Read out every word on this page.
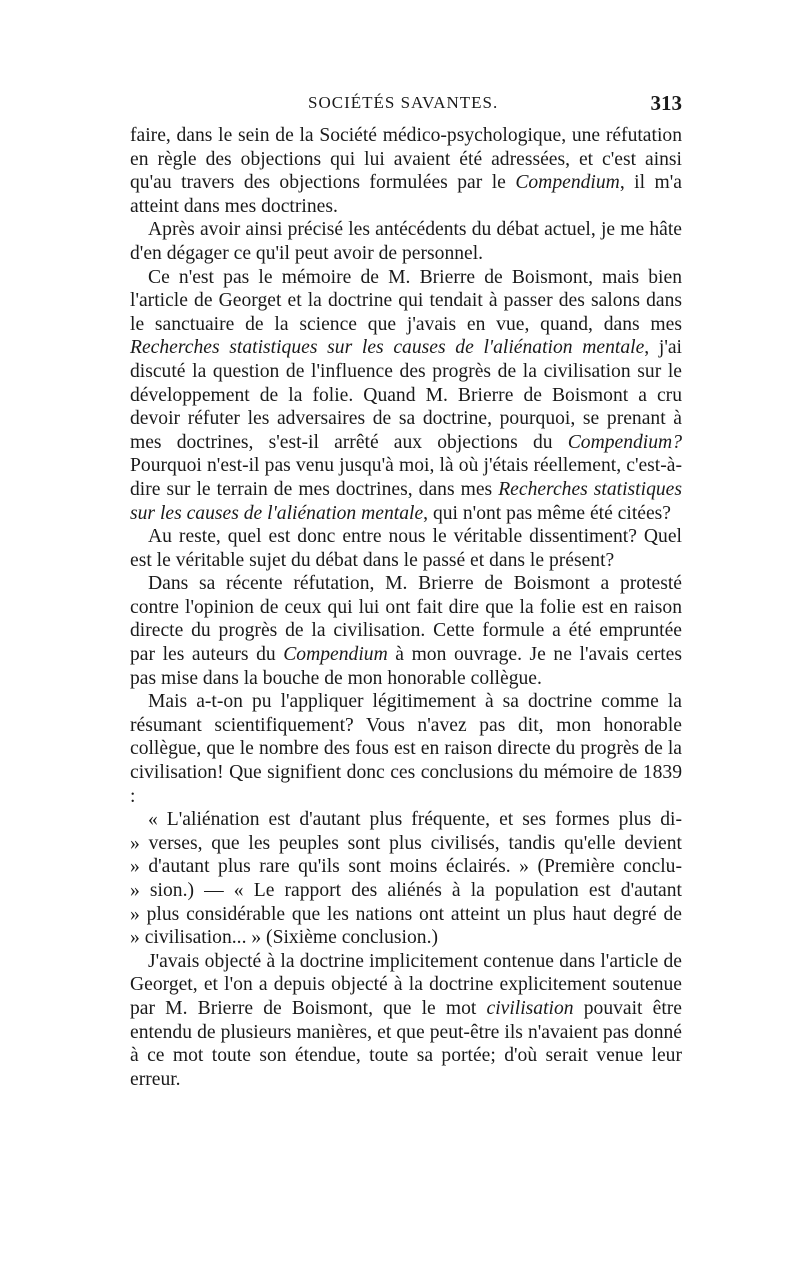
SOCIÉTÉS SAVANTES.	313

faire, dans le sein de la Société médico-psychologique, une réfutation en règle des objections qui lui avaient été adressées, et c'est ainsi qu'au travers des objections formulées par le Compendium, il m'a atteint dans mes doctrines.

Après avoir ainsi précisé les antécédents du débat actuel, je me hâte d'en dégager ce qu'il peut avoir de personnel.

Ce n'est pas le mémoire de M. Brierre de Boismont, mais bien l'article de Georget et la doctrine qui tendait à passer des salons dans le sanctuaire de la science que j'avais en vue, quand, dans mes Recherches statistiques sur les causes de l'aliénation mentale, j'ai discuté la question de l'influence des progrès de la civilisation sur le développement de la folie. Quand M. Brierre de Boismont a cru devoir réfuter les adversaires de sa doctrine, pourquoi, se prenant à mes doctrines, s'est-il arrêté aux objections du Compendium? Pourquoi n'est-il pas venu jusqu'à moi, là où j'étais réellement, c'est-à-dire sur le terrain de mes doctrines, dans mes Recherches statistiques sur les causes de l'aliénation mentale, qui n'ont pas même été citées?

Au reste, quel est donc entre nous le véritable dissentiment? Quel est le véritable sujet du débat dans le passé et dans le présent?

Dans sa récente réfutation, M. Brierre de Boismont a protesté contre l'opinion de ceux qui lui ont fait dire que la folie est en raison directe du progrès de la civilisation. Cette formule a été empruntée par les auteurs du Compendium à mon ouvrage. Je ne l'avais certes pas mise dans la bouche de mon honorable collègue.

Mais a-t-on pu l'appliquer légitimement à sa doctrine comme la résumant scientifiquement? Vous n'avez pas dit, mon honorable collègue, que le nombre des fous est en raison directe du progrès de la civilisation! Que signifient donc ces conclusions du mémoire de 1839 :

« L'aliénation est d'autant plus fréquente, et ses formes plus di-
» verses, que les peuples sont plus civilisés, tandis qu'elle devient
» d'autant plus rare qu'ils sont moins éclairés. » (Première conclu-
» sion.) — « Le rapport des aliénés à la population est d'autant
» plus considérable que les nations ont atteint un plus haut degré de
» civilisation... » (Sixième conclusion.)

J'avais objecté à la doctrine implicitement contenue dans l'article de Georget, et l'on a depuis objecté à la doctrine explicitement soutenue par M. Brierre de Boismont, que le mot civilisation pouvait être entendu de plusieurs manières, et que peut-être ils n'avaient pas donné à ce mot toute son étendue, toute sa portée; d'où serait venue leur erreur.
